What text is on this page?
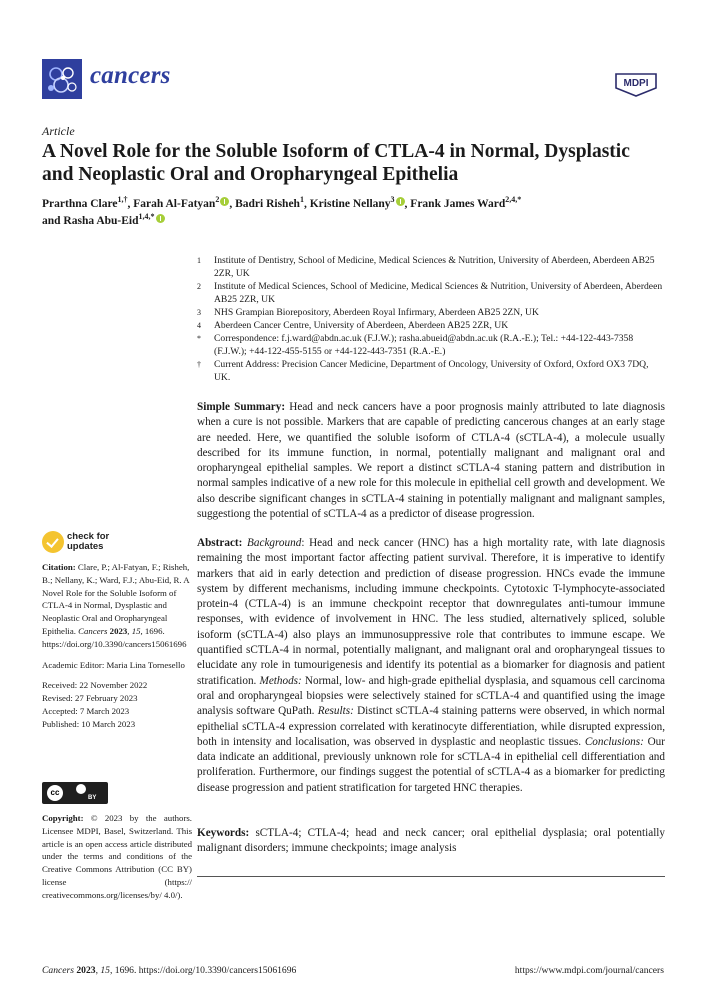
cancers	MDPI
Article
A Novel Role for the Soluble Isoform of CTLA-4 in Normal, Dysplastic and Neoplastic Oral and Oropharyngeal Epithelia
Prarthna Clare$^{1,\dagger}$, Farah Al-Fatyan$^2$ , Badri Risheh$^1$, Kristine Nellany$^3$ , Frank James Ward$^{2,4,*}$
and Rasha Abu-Eid$^{1,4,*}$
1	Institute of Dentistry, School of Medicine, Medical Sciences & Nutrition, University of Aberdeen, Aberdeen AB25 2ZR, UK
2	Institute of Medical Sciences, School of Medicine, Medical Sciences & Nutrition, University of Aberdeen, Aberdeen AB25 2ZR, UK
3	NHS Grampian Biorepository, Aberdeen Royal Infirmary, Aberdeen AB25 2ZN, UK
4	Aberdeen Cancer Centre, University of Aberdeen, Aberdeen AB25 2ZR, UK
*	Correspondence: f.j.ward@abdn.ac.uk (F.J.W.); rasha.abueid@abdn.ac.uk (R.A.-E.); Tel.: +44-122-443-7358 (F.J.W.); +44-122-455-5155 or +44-122-443-7351 (R.A.-E.)
†	Current Address: Precision Cancer Medicine, Department of Oncology, University of Oxford, Oxford OX3 7DQ, UK.
Simple Summary: Head and neck cancers have a poor prognosis mainly attributed to late diagnosis when a cure is not possible. Markers that are capable of predicting cancerous changes at an early stage are needed. Here, we quantified the soluble isoform of CTLA-4 (sCTLA-4), a molecule usually described for its immune function, in normal, potentially malignant and malignant oral and oropharyngeal epithelial samples. We report a distinct sCTLA-4 staning pattern and distribution in normal samples indicative of a new role for this molecule in epithelial cell growth and development. We also describe significant changes in sCTLA-4 staining in potentially malignant and malignant samples, suggestiong the potential of sCTLA-4 as a predictor of disease progression.
Abstract: Background: Head and neck cancer (HNC) has a high mortality rate, with late diagnosis remaining the most important factor affecting patient survival. Therefore, it is imperative to identify markers that aid in early detection and prediction of disease progression. HNCs evade the immune system by different mechanisms, including immune checkpoints. Cytotoxic T-lymphocyte-associated protein-4 (CTLA-4) is an immune checkpoint receptor that downregulates anti-tumour immune responses, with evidence of involvement in HNC. The less studied, alternatively spliced, soluble isoform (sCTLA-4) also plays an immunosuppressive role that contributes to immune escape. We quantified sCTLA-4 in normal, potentially malignant, and malignant oral and oropharyngeal tissues to elucidate any role in tumourigenesis and identify its potential as a biomarker for diagnosis and patient stratification. Methods: Normal, low- and high-grade epithelial dysplasia, and squamous cell carcinoma oral and oropharyngeal biopsies were selectively stained for sCTLA-4 and quantified using the image analysis software QuPath. Results: Distinct sCTLA-4 staining patterns were observed, in which normal epithelial sCTLA-4 expression correlated with keratinocyte differentiation, while disrupted expression, both in intensity and localisation, was observed in dysplastic and neoplastic tissues. Conclusions: Our data indicate an additional, previously unknown role for sCTLA-4 in epithelial cell differentiation and proliferation. Furthermore, our findings suggest the potential of sCTLA-4 as a biomarker for predicting disease progression and patient stratification for targeted HNC therapies.
Keywords: sCTLA-4; CTLA-4; head and neck cancer; oral epithelial dysplasia; oral potentially malignant disorders; immune checkpoints; image analysis
check for
updates

Citation: Clare, P.; Al-Fatyan, F.; Risheh, B.; Nellany, K.; Ward, F.J.; Abu-Eid, R. A Novel Role for the Soluble Isoform of CTLA-4 in Normal, Dysplastic and Neoplastic Oral and Oropharyngeal Epithelia. Cancers 2023, 15, 1696. https://doi.org/10.3390/cancers15061696

Academic Editor: Maria Lina Tornesello

Received: 22 November 2022

Revised: 27 February 2023

Accepted: 7 March 2023

Published: 10 March 2023

cc
BY
Copyright: © 2023 by the authors. Licensee MDPI, Basel, Switzerland. This article is an open access article distributed under the terms and conditions of the Creative Commons Attribution (CC BY) license (https:// creativecommons.org/licenses/by/ 4.0/).
Cancers 2023, 15, 1696. https://doi.org/10.3390/cancers15061696	https://www.mdpi.com/journal/cancers
